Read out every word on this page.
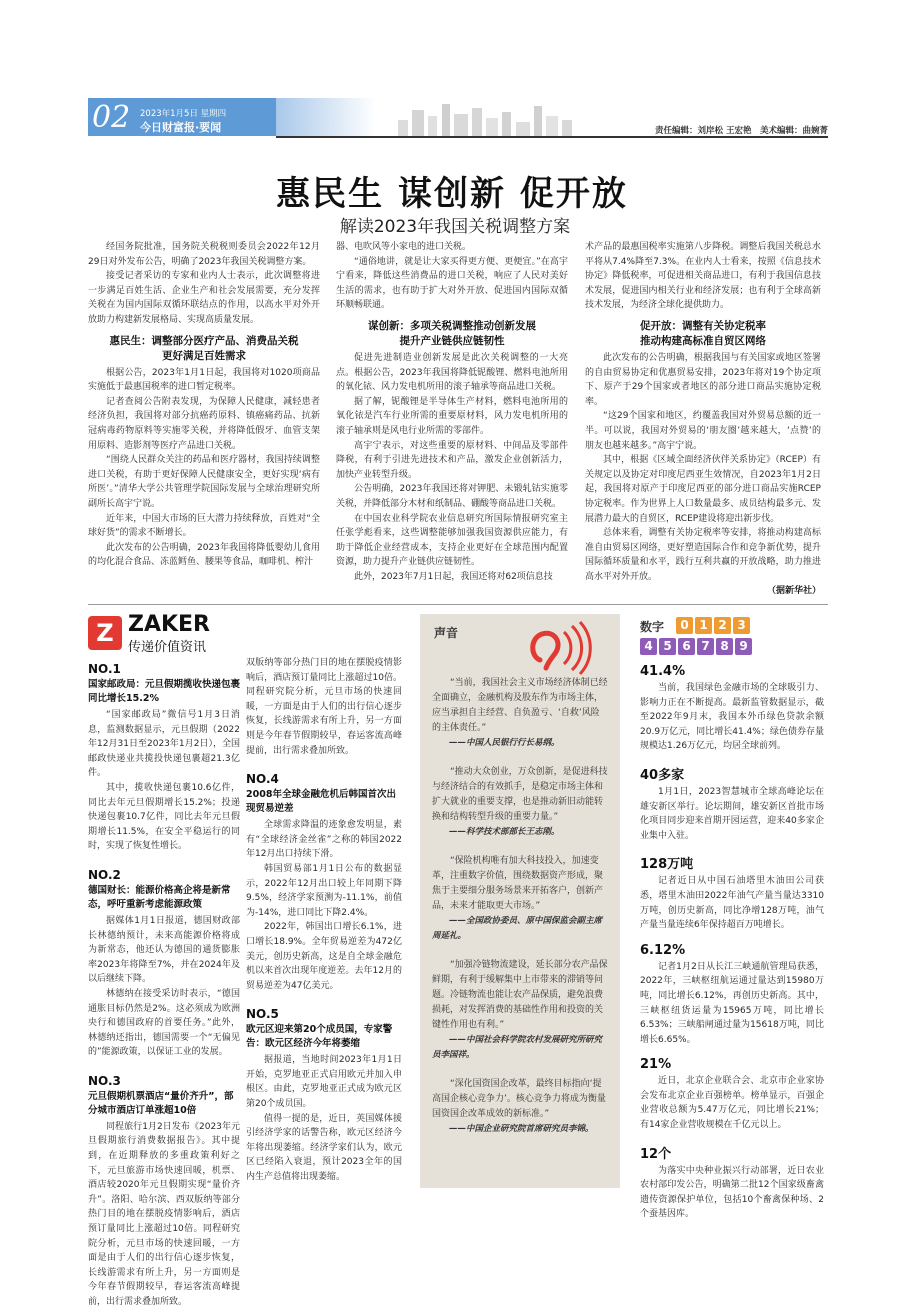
02 2023年1月5日 星期四
今日财富报·要闻	责任编辑：刘岸松 王宏艳　美术编辑：曲婉菁
惠民生 谋创新 促开放
解读2023年我国关税调整方案

经国务院批准，国务院关税税则委员会2022年12月29日对外发布公告，明确了2023年我国关税调整方案。

接受记者采访的专家和业内人士表示，此次调整将进一步满足百姓生活、企业生产和社会发展需要，充分发挥关税在为国内国际双循环联结点的作用，以高水平对外开放助力构建新发展格局、实现高质量发展。

惠民生：调整部分医疗产品、消费品关税
更好满足百姓需求

根据公告，2023年1月1日起，我国将对1020项商品实施低于最惠国税率的进口暂定税率。

记者查阅公告附表发现，为保障人民健康，减轻患者经济负担，我国将对部分抗癌药原料、镇癌痛药品、抗新冠病毒药物原料等实施零关税，并将降低假牙、血管支架用原料、造影剂等医疗产品进口关税。

“围绕人民群众关注的药品和医疗器材，我国持续调整进口关税，有助于更好保障人民健康安全，更好实现‘病有所医’。”清华大学公共管理学院国际发展与全球治理研究所副所长高宇宁说。

近年来，中国大市场的巨大潜力持续释放，百姓对“全球好货”的需求不断增长。

此次发布的公告明确，2023年我国将降低婴幼儿食用的均化混合食品、冻蓝鳕鱼、腰果等食品，咖啡机、榨汁

器、电吹风等小家电的进口关税。

“通俗地讲，就是让大家买得更方便、更便宜。”在高宇宁看来，降低这些消费品的进口关税，响应了人民对美好生活的需求，也有助于扩大对外开放、促进国内国际双循环顺畅联通。

谋创新：多项关税调整推动创新发展
提升产业链供应链韧性

促进先进制造业创新发展是此次关税调整的一大亮点。根据公告，2023年我国将降低铌酸锂、燃料电池所用的氧化铱、风力发电机所用的滚子轴承等商品进口关税。

据了解，铌酸锂是半导体生产材料，燃料电池所用的氧化铱是汽车行业所需的重要原材料，风力发电机所用的滚子轴承则是风电行业所需的零部件。

高宇宁表示，对这些重要的原材料、中间品及零部件降税，有利于引进先进技术和产品，激发企业创新活力，加快产业转型升级。

公告明确，2023年我国还将对钾肥、未锻轧钴实施零关税，并降低部分木材和纸制品、硼酸等商品进口关税。

在中国农业科学院农业信息研究所国际情报研究室主任张学彪看来，这些调整能够加强我国资源供应能力，有助于降低企业经营成本，支持企业更好在全球范围内配置资源，助力提升产业链供应链韧性。

此外，2023年7月1日起，我国还将对62项信息技

术产品的最惠国税率实施第八步降税。调整后我国关税总水平将从7.4%降至7.3%。在业内人士看来，按照《信息技术协定》降低税率，可促进相关商品进口，有利于我国信息技术发展，促进国内相关行业和经济发展；也有利于全球高新技术发展，为经济全球化提供助力。

促开放：调整有关协定税率
推动构建高标准自贸区网络

此次发布的公告明确，根据我国与有关国家或地区签署的自由贸易协定和优惠贸易安排，2023年将对19个协定项下、原产于29个国家或者地区的部分进口商品实施协定税率。

“这29个国家和地区，约覆盖我国对外贸易总额的近一半。可以说，我国对外贸易的‘朋友圈’越来越大，‘点赞’的朋友也越来越多。”高宇宁说。

其中，根据《区域全面经济伙伴关系协定》（RCEP）有关规定以及协定对印度尼西亚生效情况，自2023年1月2日起，我国将对原产于印度尼西亚的部分进口商品实施RCEP协定税率。作为世界上人口数量最多、成员结构最多元、发展潜力最大的自贸区，RCEP建设将迎出新步伐。

总体来看，调整有关协定税率等安排，将推动构建高标准自由贸易区网络，更好塑造国际合作和竞争新优势，提升国际循环质量和水平，践行互利共赢的开放战略，助力推进高水平对外开放。

（据新华社）
Z ZAKER
传递价值资讯
NO.1
国家邮政局：元旦假期揽收快递包裹同比增长15.2%

“国家邮政局”微信号1月3日消息，监测数据显示，元旦假期（2022年12月31日至2023年1月2日），全国邮政快递业共揽投快递包裹超21.3亿件。

其中，揽收快递包裹10.6亿件，同比去年元旦假期增长15.2%；投递快递包裹10.7亿件，同比去年元旦假期增长11.5%，在安全平稳运行的同时，实现了恢复性增长。

NO.2
德国财长：能源价格高企将是新常态，呼吁重新考虑能源政策

据媒体1月1日报道，德国财政部长林德纳预计，未来高能源价格将成为新常态，他还认为德国的通货膨胀率2023年将降至7%，并在2024年及以后继续下降。

林德纳在接受采访时表示，“德国通胀目标仍然是2%。这必须成为欧洲央行和德国政府的首要任务。”此外，林德纳还指出，德国需要一个“无偏见的”能源政策，以保证工业的发展。

NO.3
元旦假期机票酒店“量价齐升”，部分城市酒店订单涨超10倍

同程旅行1月2日发布《2023年元旦假期旅行消费数据报告》。其中提到，在近期释放的多重政策利好之下，元旦旅游市场快速回暖，机票、酒店较2020年元旦假期实现“量价齐升”。洛阳、哈尔滨、西双版纳等部分热门目的地在摆脱疫情影响后，酒店预订量同比上涨超过10倍。同程研究院分析，元旦市场的快速回暖，一方面是由于人们的出行信心逐步恢复，长线游需求有所上升，另一方面则是今年春节假期较早，春运客流高峰提前，出行需求叠加所致。

双版纳等部分热门目的地在摆脱疫情影响后，酒店预订量同比上涨超过10倍。同程研究院分析，元旦市场的快速回暖，一方面是由于人们的出行信心逐步恢复，长线游需求有所上升，另一方面则是今年春节假期较早，春运客流高峰提前，出行需求叠加所致。

NO.4
2008年全球金融危机后韩国首次出现贸易逆差

全球需求降温的迹象愈发明显，素有“全球经济金丝雀”之称的韩国2022年12月出口持续下滑。

韩国贸易部1月1日公布的数据显示，2022年12月出口较上年同期下降9.5%，经济学家预测为-11.1%，前值为-14%，进口同比下降2.4%。

2022年，韩国出口增长6.1%，进口增长18.9%。全年贸易逆差为472亿美元，创历史新高，这是自全球金融危机以来首次出现年度逆差。去年12月的贸易逆差为47亿美元。

NO.5
欧元区迎来第20个成员国，专家警告：欧元区经济今年将萎缩

据报道，当地时间2023年1月1日开始，克罗地亚正式启用欧元并加入申根区。由此，克罗地亚正式成为欧元区第20个成员国。

值得一提的是，近日，英国媒体援引经济学家的话警告称，欧元区经济今年将出现萎缩。经济学家们认为，欧元区已经陷入衰退，预计2023全年的国内生产总值将出现萎缩。

声音

“当前，我国社会主义市场经济体制已经全面确立，金融机构及股东作为市场主体，应当承担自主经营、自负盈亏、‘自救’风险的主体责任。”

——中国人民银行行长易纲。

“推动大众创业，万众创新，是促进科技与经济结合的有效抓手，是稳定市场主体和扩大就业的重要支撑，也是推动新旧动能转换和结构转型升级的重要力量。”

——科学技术部部长王志刚。

“保险机构唯有加大科技投入，加速变革，注重数字价值，围绕数据资产形成，聚焦于主要细分服务场景来开拓客户，创新产品，未来才能取更大市场。”

——全国政协委员、原中国保监会副主席周延礼。

“加强冷链物流建设，延长部分农产品保鲜期，有利于缓解集中上市带来的滞销等问题。冷链物流也能让农产品保质，避免浪费损耗，对发挥消费的基础性作用和投资的关键性作用也有利。”

——中国社会科学院农村发展研究所研究员李国祥。

“深化国资国企改革，最终目标指向‘提高国企核心竞争力’。核心竞争力将成为衡量国资国企改革成效的新标准。”

——中国企业研究院首席研究员李锦。

数字	0 1 2 3
4 5 6 7 8 9
41.4%

当前，我国绿色金融市场的全球吸引力、影响力正在不断提高。最新监管数据显示，截至2022年9月末，我国本外币绿色贷款余额20.9万亿元，同比增长41.4%；绿色债券存量规模达1.26万亿元，均居全球前列。

40多家

1月1日，2023智慧城市全球高峰论坛在雄安新区举行。论坛期间，雄安新区首批市场化项目同步迎来首期开园运营，迎来40多家企业集中入驻。

128万吨

记者近日从中国石油塔里木油田公司获悉，塔里木油田2022年油气产量当量达3310万吨，创历史新高，同比净增128万吨，油气产量当量连续6年保持超百万吨增长。

6.12%

记者1月2日从长江三峡通航管理局获悉，2022年，三峡枢纽航运通过量达到15980万吨，同比增长6.12%，再创历史新高。其中，三峡枢纽货运量为15965万吨，同比增长6.53%；三峡船闸通过量为15618万吨，同比增长6.65%。

21%

近日，北京企业联合会、北京市企业家协会发布北京企业百强榜单。榜单显示，百强企业营收总额为5.47万亿元，同比增长21%；有14家企业营收规模在千亿元以上。

12个

为落实中央种业振兴行动部署，近日农业农村部印发公告，明确第二批12个国家级畜禽遗传资源保护单位，包括10个畜禽保种场、2个蚕基因库。
